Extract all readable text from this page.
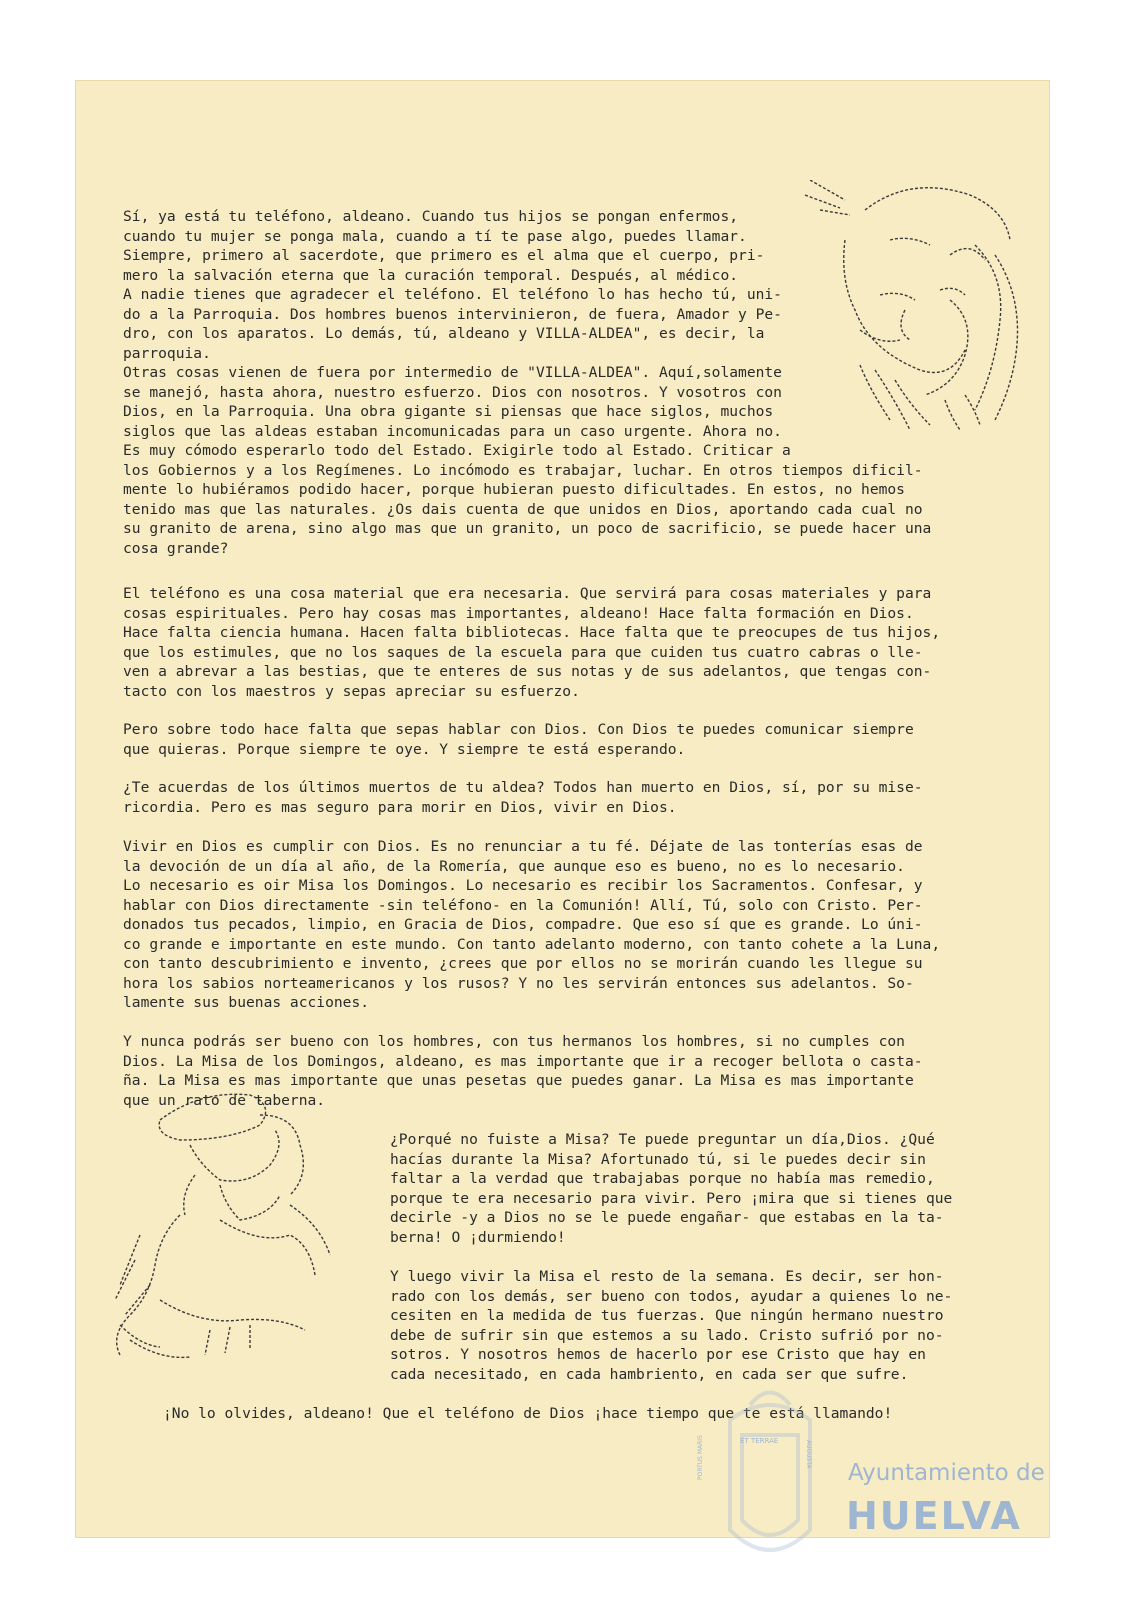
Sí, ya está tu teléfono, aldeano. Cuando tus hijos se pongan enfermos,
cuando tu mujer se ponga mala, cuando a tí te pase algo, puedes llamar.
Siempre, primero al sacerdote, que primero es el alma que el cuerpo, pri-
mero la salvación eterna que la curación temporal. Después, al médico.
A nadie tienes que agradecer el teléfono. El teléfono lo has hecho tú, uni-
do a la Parroquia. Dos hombres buenos intervinieron, de fuera, Amador y Pe-
dro, con los aparatos. Lo demás, tú, aldeano y VILLA-ALDEA", es decir, la
parroquia.
Otras cosas vienen de fuera por intermedio de "VILLA-ALDEA". Aquí,solamente
se manejó, hasta ahora, nuestro esfuerzo. Dios con nosotros. Y vosotros con
Dios, en la Parroquia. Una obra gigante si piensas que hace siglos, muchos
siglos que las aldeas estaban incomunicadas para un caso urgente. Ahora no.
Es muy cómodo esperarlo todo del Estado. Exigirle todo al Estado. Criticar a
los Gobiernos y a los Regímenes. Lo incómodo es trabajar, luchar. En otros tiempos dificil-
mente lo hubiéramos podido hacer, porque hubieran puesto dificultades. En estos, no hemos
tenido mas que las naturales. ¿Os dais cuenta de que unidos en Dios, aportando cada cual no
su granito de arena, sino algo mas que un granito, un poco de sacrificio, se puede hacer una
cosa grande?
El teléfono es una cosa material que era necesaria. Que servirá para cosas materiales y para
cosas espirituales. Pero hay cosas mas importantes, aldeano! Hace falta formación en Dios.
Hace falta ciencia humana. Hacen falta bibliotecas. Hace falta que te preocupes de tus hijos,
que los estimules, que no los saques de la escuela para que cuiden tus cuatro cabras o lle-
ven a abrevar a las bestias, que te enteres de sus notas y de sus adelantos, que tengas con-
tacto con los maestros y sepas apreciar su esfuerzo.
Pero sobre todo hace falta que sepas hablar con Dios. Con Dios te puedes comunicar siempre
que quieras. Porque siempre te oye. Y siempre te está esperando.
¿Te acuerdas de los últimos muertos de tu aldea? Todos han muerto en Dios, sí, por su mise-
ricordia. Pero es mas seguro para morir en Dios, vivir en Dios.
Vivir en Dios es cumplir con Dios. Es no renunciar a tu fé. Déjate de las tonterías esas de
la devoción de un día al año, de la Romería, que aunque eso es bueno, no es lo necesario.
Lo necesario es oir Misa los Domingos. Lo necesario es recibir los Sacramentos. Confesar, y
hablar con Dios directamente -sin teléfono- en la Comunión! Allí, Tú, solo con Cristo. Per-
donados tus pecados, limpio, en Gracia de Dios, compadre. Que eso sí que es grande. Lo úni-
co grande e importante en este mundo. Con tanto adelanto moderno, con tanto cohete a la Luna,
con tanto descubrimiento e invento, ¿crees que por ellos no se morirán cuando les llegue su
hora los sabios norteamericanos y los rusos? Y no les servirán entonces sus adelantos. So-
lamente sus buenas acciones.
Y nunca podrás ser bueno con los hombres, con tus hermanos los hombres, si no cumples con
Dios. La Misa de los Domingos, aldeano, es mas importante que ir a recoger bellota o casta-
ña. La Misa es mas importante que unas pesetas que puedes ganar. La Misa es mas importante
que un rato de taberna.
¿Porqué no fuiste a Misa? Te puede preguntar un día,Dios. ¿Qué
hacías durante la Misa? Afortunado tú, si le puedes decir sin
faltar a la verdad que trabajabas porque no había mas remedio,
porque te era necesario para vivir. Pero ¡mira que si tienes que
decirle -y a Dios no se le puede engañar- que estabas en la ta-
berna! O ¡durmiendo!
Y luego vivir la Misa el resto de la semana. Es decir, ser hon-
rado con los demás, ser bueno con todos, ayudar a quienes lo ne-
cesiten en la medida de tus fuerzas. Que ningún hermano nuestro
debe de sufrir sin que estemos a su lado. Cristo sufrió por no-
sotros. Y nosotros hemos de hacerlo por ese Cristo que hay en
cada necesitado, en cada hambriento, en cada ser que sufre.
¡No lo olvides, aldeano! Que el teléfono de Dios ¡hace tiempo que te está llamando!
ET TERRAE
PORTUS MARIS	AUGUSTA
Ayuntamiento de
HUELVA
